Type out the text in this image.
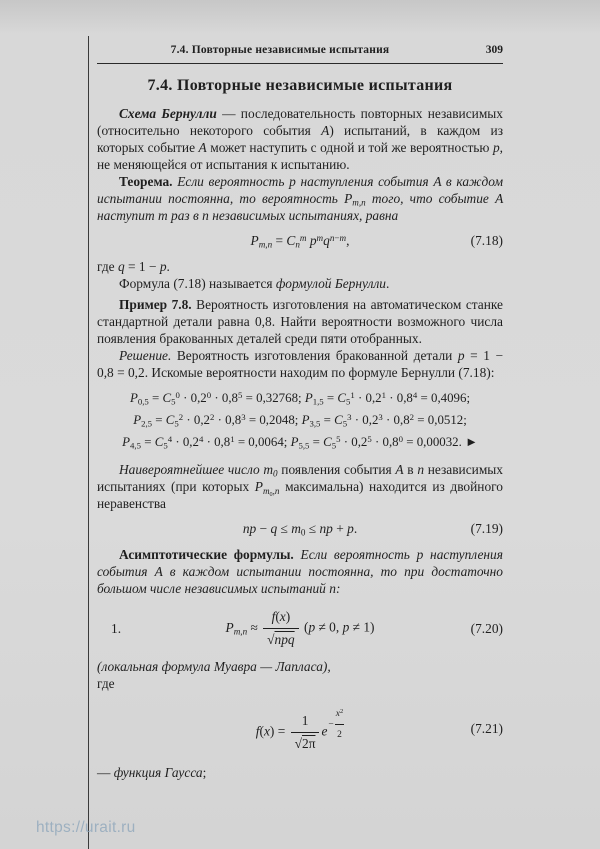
7.4. Повторные независимые испытания	309
7.4. Повторные независимые испытания

Схема Бернулли — последовательность повторных независимых (относительно некоторого события A) испытаний, в каждом из которых событие A может наступить с одной и той же вероятностью p, не меняющейся от испытания к испытанию.

Теорема. Если вероятность p наступления события A в каждом испытании постоянна, то вероятность $P_{m,n}$ того, что событие A наступит m раз в n независимых испытаниях, равна

$P_{m,n} = C_n^m$ $p^mq^{n-m}$,	(7.18)

где q = 1 − p.

Формула (7.18) называется формулой Бернулли.

Пример 7.8. Вероятность изготовления на автоматическом станке стандартной детали равна 0,8. Найти вероятности возможного числа появления бракованных деталей среди пяти отобранных.

Решение. Вероятность изготовления бракованной детали p = 1 − 0,8 = 0,2. Искомые вероятности находим по формуле Бернулли (7.18):

$P_{0,5} = C_5^0 \cdot 0,2^0 \cdot 0,8^5 = 0,32768$; $P_{1,5} = C_5^1 \cdot 0,2^1 \cdot 0,8^4 = 0,4096$;
$P_{2,5} = C_5^2 \cdot 0,2^2 \cdot 0,8^3 = 0,2048$; $P_{3,5} = C_5^3 \cdot 0,2^3 \cdot 0,8^2 = 0,0512$;
$P_{4,5} = C_5^4 \cdot 0,2^4 \cdot 0,8^1 = 0,0064$; $P_{5,5} = C_5^5 \cdot 0,2^5 \cdot 0,8^0 = 0,00032$. ►

Наивероятнейшее число $m_0$ появления события A в n независимых испытаниях (при которых $P_{m_0,n}$ максимальна) находится из двойного неравенства

np − $q \le m_0$ ≤ np + p.	(7.19)

Асимптотические формулы. Если вероятность p наступления события A в каждом испытании постоянна, то при достаточно большом числе независимых испытаний n:

1.	$P_{m,n} \approx \frac{f(x)}{\text{√npq}} (p \ne 0$, p ≠ 1)	(7.20)

(локальная формула Муавра — Лапласа),

где

$f(x) = \frac{1}{√2\pi}$ $e - \frac{x^2}{2}$	(7.21)

— функция Гаусса;

https://urait.ru
